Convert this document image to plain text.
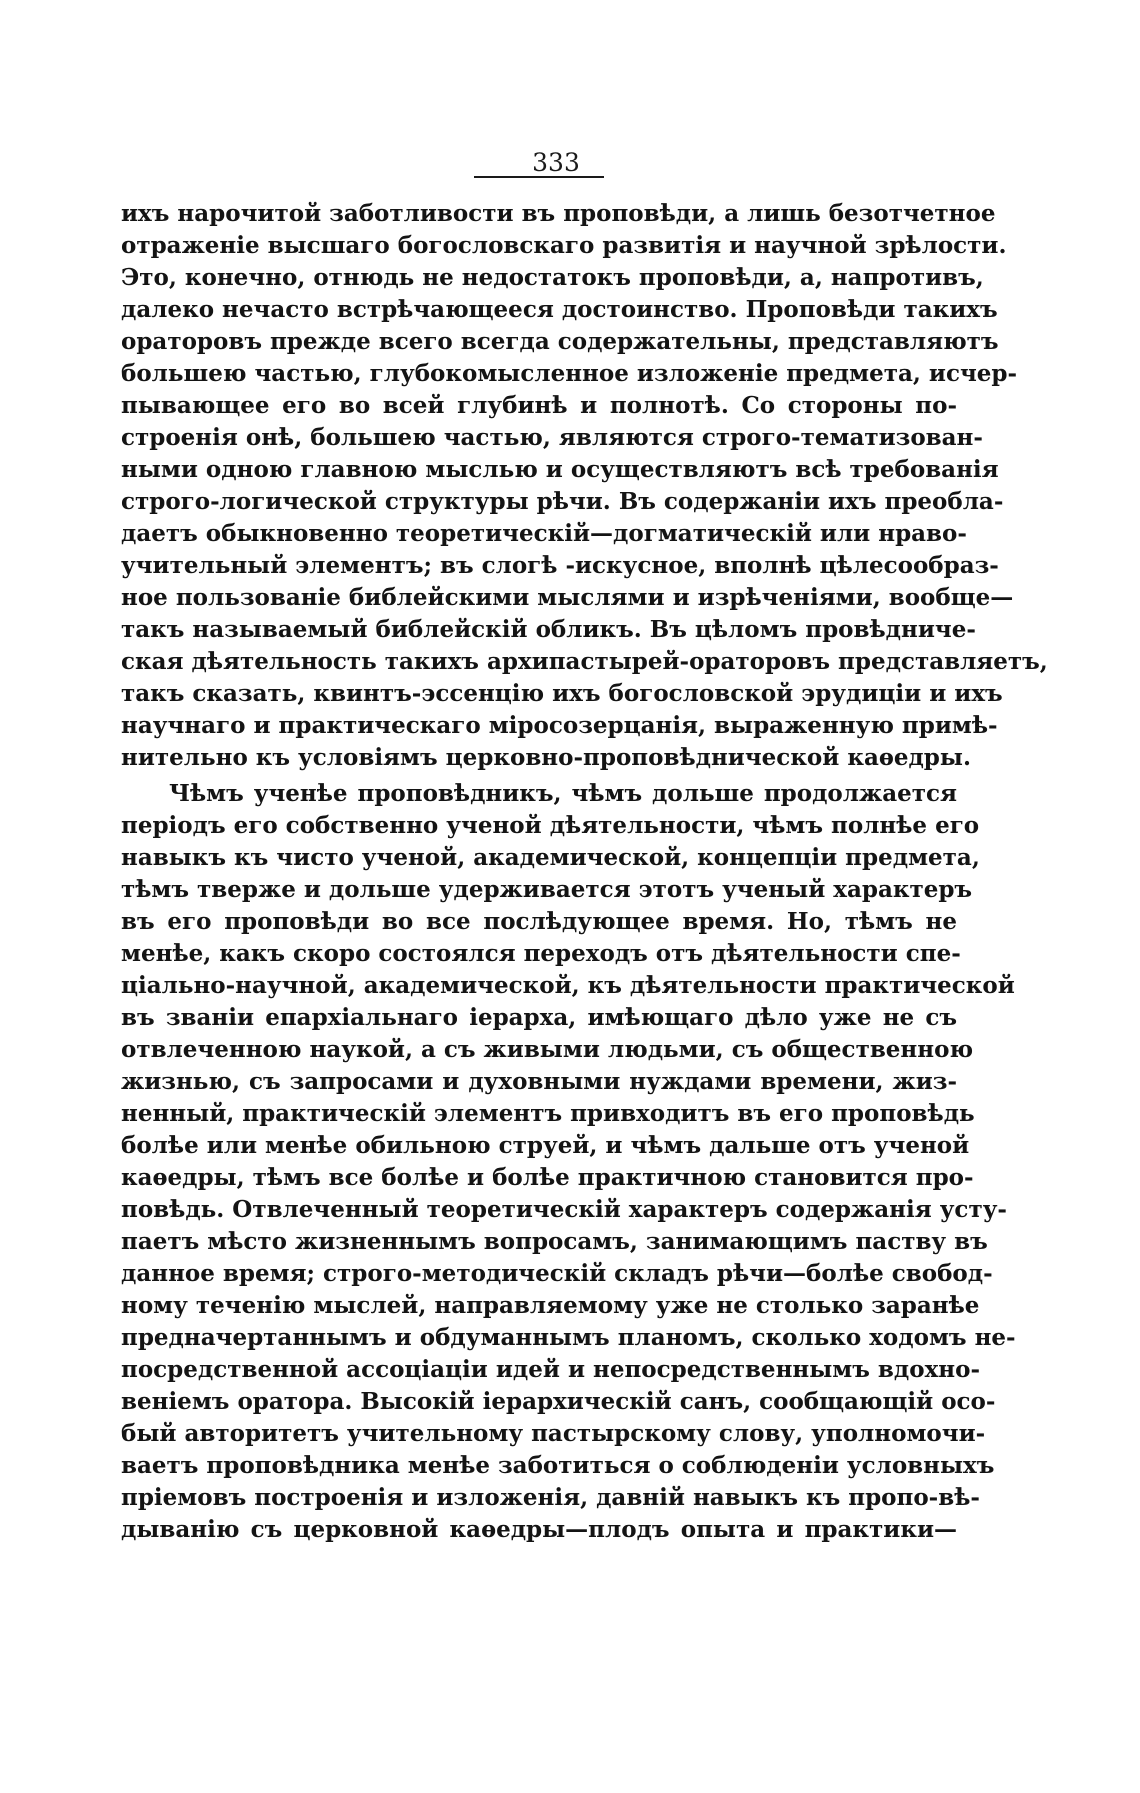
333
ихъ нарочитой заботливости въ проповѣди, а лишь безотчетное
отраженіе высшаго богословскаго развитія и научной зрѣлости.
Это, конечно, отнюдь не недостатокъ проповѣди, а, напротивъ,
далеко нечасто встрѣчающееся достоинство. Проповѣди такихъ
ораторовъ прежде всего всегда содержательны, представляютъ
большею частью, глубокомысленное изложеніе предмета, исчер-
пывающее его во всей глубинѣ и полнотѣ. Со стороны по-
строенія онѣ, большею частью, являются строго-тематизован-
ными одною главною мыслью и осуществляютъ всѣ требованія
строго-логической структуры рѣчи. Въ содержаніи ихъ преобла-
даетъ обыкновенно теоретическій—догматическій или нраво-
учительный элементъ; въ слогѣ -искусное, вполнѣ цѣлесообраз-
ное пользованіе библейскими мыслями и изрѣченіями, вообще—
такъ называемый библейскій обликъ. Въ цѣломъ провѣдниче-
ская дѣятельность такихъ архипастырей-ораторовъ представляетъ,
такъ сказать, квинтъ-эссенцію ихъ богословской эрудиціи и ихъ
научнаго и практическаго міросозерцанія, выраженную примѣ-
нительно къ условіямъ церковно-проповѣднической каѳедры.
Чѣмъ ученѣе проповѣдникъ, чѣмъ дольше продолжается
періодъ его собственно ученой дѣятельности, чѣмъ полнѣе его
навыкъ къ чисто ученой, академической, концепціи предмета,
тѣмъ тверже и дольше удерживается этотъ ученый характеръ
въ его проповѣди во все послѣдующее время. Но, тѣмъ не
менѣе, какъ скоро состоялся переходъ отъ дѣятельности спе-
ціально-научной, академической, къ дѣятельности практической
въ званіи епархіальнаго іерарха, имѣющаго дѣло уже не съ
отвлеченною наукой, а съ живыми людьми, съ общественною
жизнью, съ запросами и духовными нуждами времени, жиз-
ненный, практическій элементъ привходитъ въ его проповѣдь
болѣе или менѣе обильною струей, и чѣмъ дальше отъ ученой
каѳедры, тѣмъ все болѣе и болѣе практичною становится про-
повѣдь. Отвлеченный теоретическій характеръ содержанія усту-
паетъ мѣсто жизненнымъ вопросамъ, занимающимъ паству въ
данное время; строго-методическій складъ рѣчи—болѣе свобод-
ному теченію мыслей, направляемому уже не столько заранѣе
предначертаннымъ и обдуманнымъ планомъ, сколько ходомъ не-
посредственной ассоціаціи идей и непосредственнымъ вдохно-
веніемъ оратора. Высокій іерархическій санъ, сообщающій осо-
бый авторитетъ учительному пастырскому слову, уполномочи-
ваетъ проповѣдника менѣе заботиться о соблюденіи условныхъ
пріемовъ построенія и изложенія, давній навыкъ къ пропо-вѣ-
дыванію съ церковной каѳедры—плодъ опыта и практики—
